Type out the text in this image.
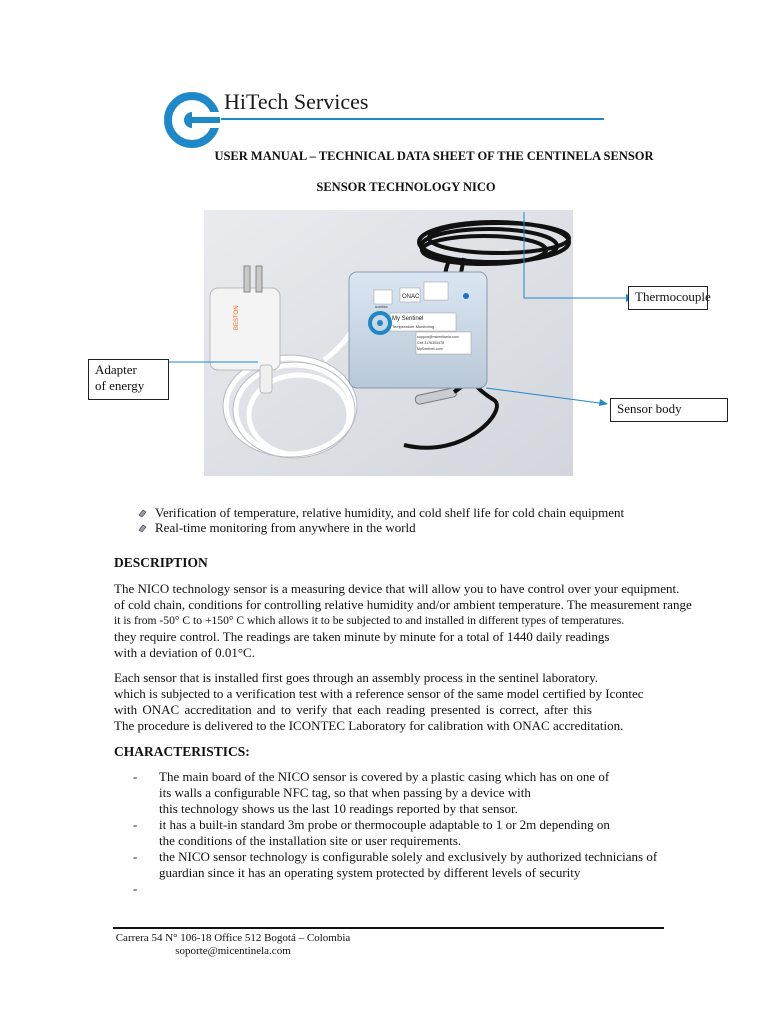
HiTech Services
USER MANUAL – TECHNICAL DATA SHEET OF THE CENTINELA SENSOR
SENSOR TECHNOLOGY NICO
BESTON	icontec
ONAC
My Sentinel
Temperature Monitoring
support@micentinela.com
Cell 3176305478
MySentinel.com
Thermocouple
Adapter
of energy
Sensor body
Verification of temperature, relative humidity, and cold shelf life for cold chain equipment
Real-time monitoring from anywhere in the world
DESCRIPTION
The NICO technology sensor is a measuring device that will allow you to have control over your equipment.
of cold chain, conditions for controlling relative humidity and/or ambient temperature. The measurement range
it is from -50° C to +150° C which allows it to be subjected to and installed in different types of temperatures.
they require control. The readings are taken minute by minute for a total of 1440 daily readings
with a deviation of 0.01°C.
Each sensor that is installed first goes through an assembly process in the sentinel laboratory.
which is subjected to a verification test with a reference sensor of the same model certified by Icontec
with ONAC accreditation and to verify that each reading presented is correct, after this
The procedure is delivered to the ICONTEC Laboratory for calibration with ONAC accreditation.
CHARACTERISTICS:
- The main board of the NICO sensor is covered by a plastic casing which has on one of
its walls a configurable NFC tag, so that when passing by a device with
this technology shows us the last 10 readings reported by that sensor.
- it has a built-in standard 3m probe or thermocouple adaptable to 1 or 2m depending on
the conditions of the installation site or user requirements.
- the NICO sensor technology is configurable solely and exclusively by authorized technicians of
guardian since it has an operating system protected by different levels of security
-
Carrera 54 N° 106-18 Office 512 Bogotá – Colombia
soporte@micentinela.com
